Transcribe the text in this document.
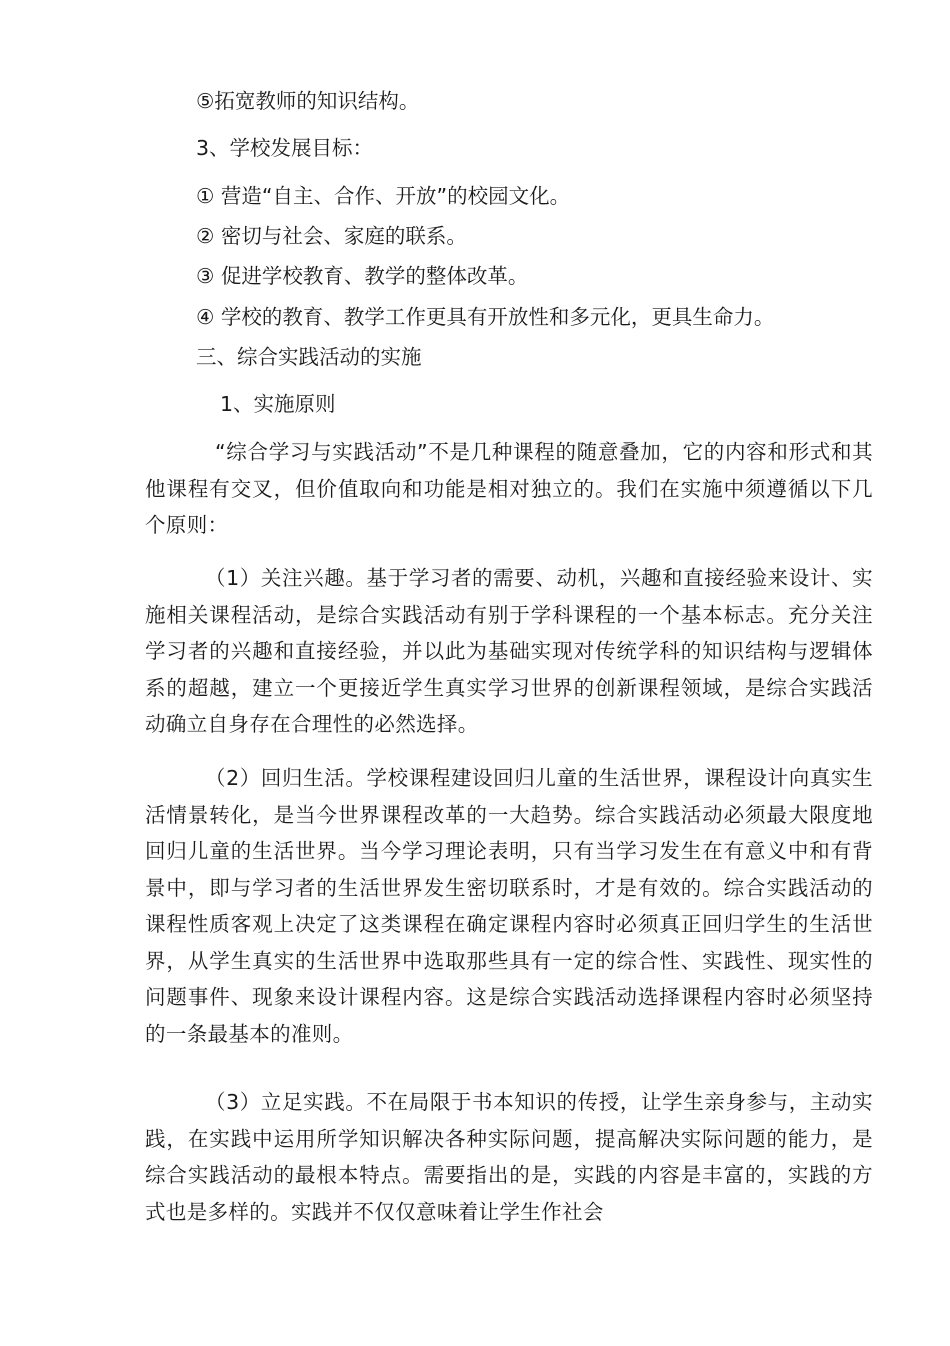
⑤拓宽教师的知识结构。
3、学校发展目标：
① 营造“自主、合作、开放”的校园文化。
② 密切与社会、家庭的联系。
③ 促进学校教育、教学的整体改革。
④ 学校的教育、教学工作更具有开放性和多元化，更具生命力。
三、综合实践活动的实施
1、实施原则
“综合学习与实践活动”不是几种课程的随意叠加，它的内容和形式和其他课程有交叉，但价值取向和功能是相对独立的。我们在实施中须遵循以下几个原则：
（1）关注兴趣。基于学习者的需要、动机，兴趣和直接经验来设计、实施相关课程活动，是综合实践活动有别于学科课程的一个基本标志。充分关注学习者的兴趣和直接经验，并以此为基础实现对传统学科的知识结构与逻辑体系的超越，建立一个更接近学生真实学习世界的创新课程领域，是综合实践活动确立自身存在合理性的必然选择。
（2）回归生活。学校课程建设回归儿童的生活世界，课程设计向真实生活情景转化，是当今世界课程改革的一大趋势。综合实践活动必须最大限度地回归儿童的生活世界。当今学习理论表明，只有当学习发生在有意义中和有背景中，即与学习者的生活世界发生密切联系时，才是有效的。综合实践活动的课程性质客观上决定了这类课程在确定课程内容时必须真正回归学生的生活世界，从学生真实的生活世界中选取那些具有一定的综合性、实践性、现实性的问题事件、现象来设计课程内容。这是综合实践活动选择课程内容时必须坚持的一条最基本的准则。
（3）立足实践。不在局限于书本知识的传授，让学生亲身参与，主动实践，在实践中运用所学知识解决各种实际问题，提高解决实际问题的能力，是综合实践活动的最根本特点。需要指出的是，实践的内容是丰富的，实践的方式也是多样的。实践并不仅仅意味着让学生作社会
